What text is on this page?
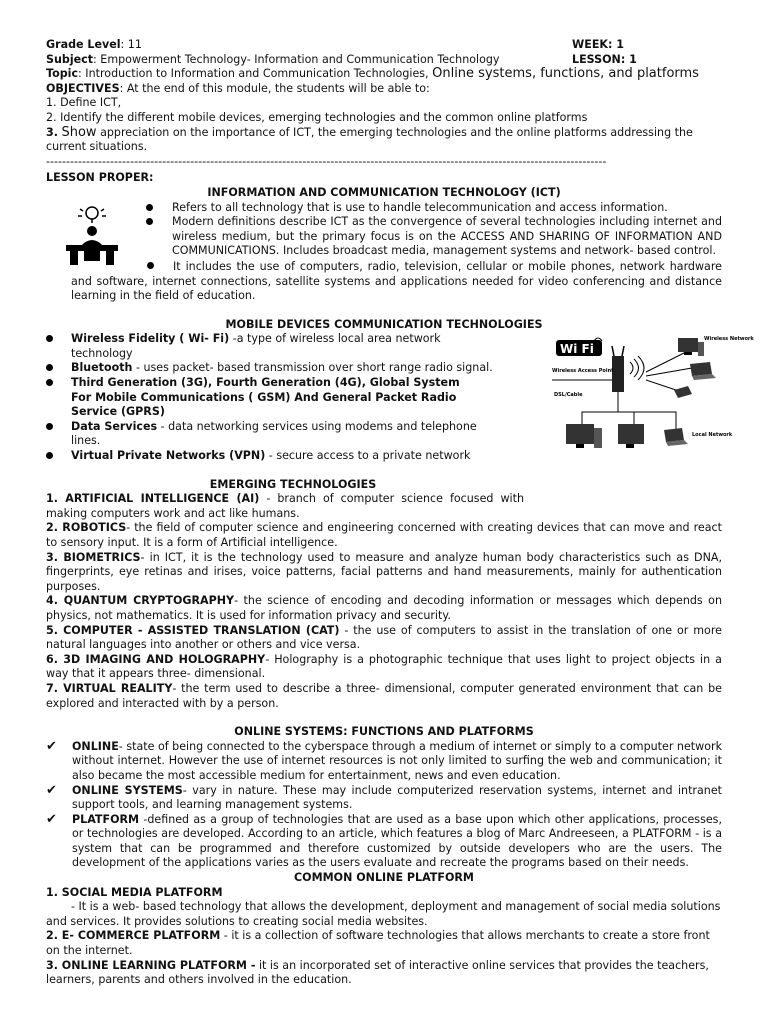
Grade Level: 11	WEEK: 1
Subject: Empowerment Technology- Information and Communication Technology	LESSON: 1
Topic: Introduction to Information and Communication Technologies, Online systems, functions, and platforms
OBJECTIVES: At the end of this module, the students will be able to:
1. Define ICT,
2. Identify the different mobile devices, emerging technologies and the common online platforms
3. Show appreciation on the importance of ICT, the emerging technologies and the online platforms addressing the current situations.
--------------------------------------------------------------------------------------------------------------------------------------------
LESSON PROPER:
INFORMATION AND COMMUNICATION TECHNOLOGY (ICT)
Refers to all technology that is use to handle telecommunication and access information.
Modern definitions describe ICT as the convergence of several technologies including internet and wireless medium, but the primary focus is on the ACCESS AND SHARING OF INFORMATION AND COMMUNICATIONS. Includes broadcast media, management systems and network- based control.
It includes the use of computers, radio, television, cellular or mobile phones, network hardware and software, internet connections, satellite systems and applications needed for video conferencing and distance learning in the field of education.
MOBILE DEVICES COMMUNICATION TECHNOLOGIES
Wireless Fidelity ( Wi- Fi) -a type of wireless local area network technology
Bluetooth - uses packet- based transmission over short range radio signal.
Third Generation (3G), Fourth Generation (4G), Global System For Mobile Communications ( GSM) And General Packet Radio Service (GPRS)
Data Services - data networking services using modems and telephone lines.
Virtual Private Networks (VPN) - secure access to a private network
Wi Fi
Wireless Access Point
DSL/Cable
Wireless Network
Local Network
EMERGING TECHNOLOGIES
1. ARTIFICIAL INTELLIGENCE (AI) - branch of computer science focused with making computers work and act like humans.
2. ROBOTICS- the field of computer science and engineering concerned with creating devices that can move and react to sensory input. It is a form of Artificial intelligence.
3. BIOMETRICS- in ICT, it is the technology used to measure and analyze human body characteristics such as DNA, fingerprints, eye retinas and irises, voice patterns, facial patterns and hand measurements, mainly for authentication purposes.
4. QUANTUM CRYPTOGRAPHY- the science of encoding and decoding information or messages which depends on physics, not mathematics. It is used for information privacy and security.
5. COMPUTER - ASSISTED TRANSLATION (CAT) - the use of computers to assist in the translation of one or more natural languages into another or others and vice versa.
6. 3D IMAGING AND HOLOGRAPHY- Holography is a photographic technique that uses light to project objects in a way that it appears three- dimensional.
7. VIRTUAL REALITY- the term used to describe a three- dimensional, computer generated environment that can be explored and interacted with by a person.
ONLINE SYSTEMS: FUNCTIONS AND PLATFORMS
✔	ONLINE- state of being connected to the cyberspace through a medium of internet or simply to a computer network without internet. However the use of internet resources is not only limited to surfing the web and communication; it also became the most accessible medium for entertainment, news and even education.
✔	ONLINE SYSTEMS- vary in nature. These may include computerized reservation systems, internet and intranet support tools, and learning management systems.
✔	PLATFORM -defined as a group of technologies that are used as a base upon which other applications, processes, or technologies are developed. According to an article, which features a blog of Marc Andreeseen, a PLATFORM - is a system that can be programmed and therefore customized by outside developers who are the users. The development of the applications varies as the users evaluate and recreate the programs based on their needs.
COMMON ONLINE PLATFORM
1. SOCIAL MEDIA PLATFORM
- It is a web- based technology that allows the development, deployment and management of social media solutions and services. It provides solutions to creating social media websites.
2. E- COMMERCE PLATFORM - it is a collection of software technologies that allows merchants to create a store front on the internet.
3. ONLINE LEARNING PLATFORM - it is an incorporated set of interactive online services that provides the teachers, learners, parents and others involved in the education.
